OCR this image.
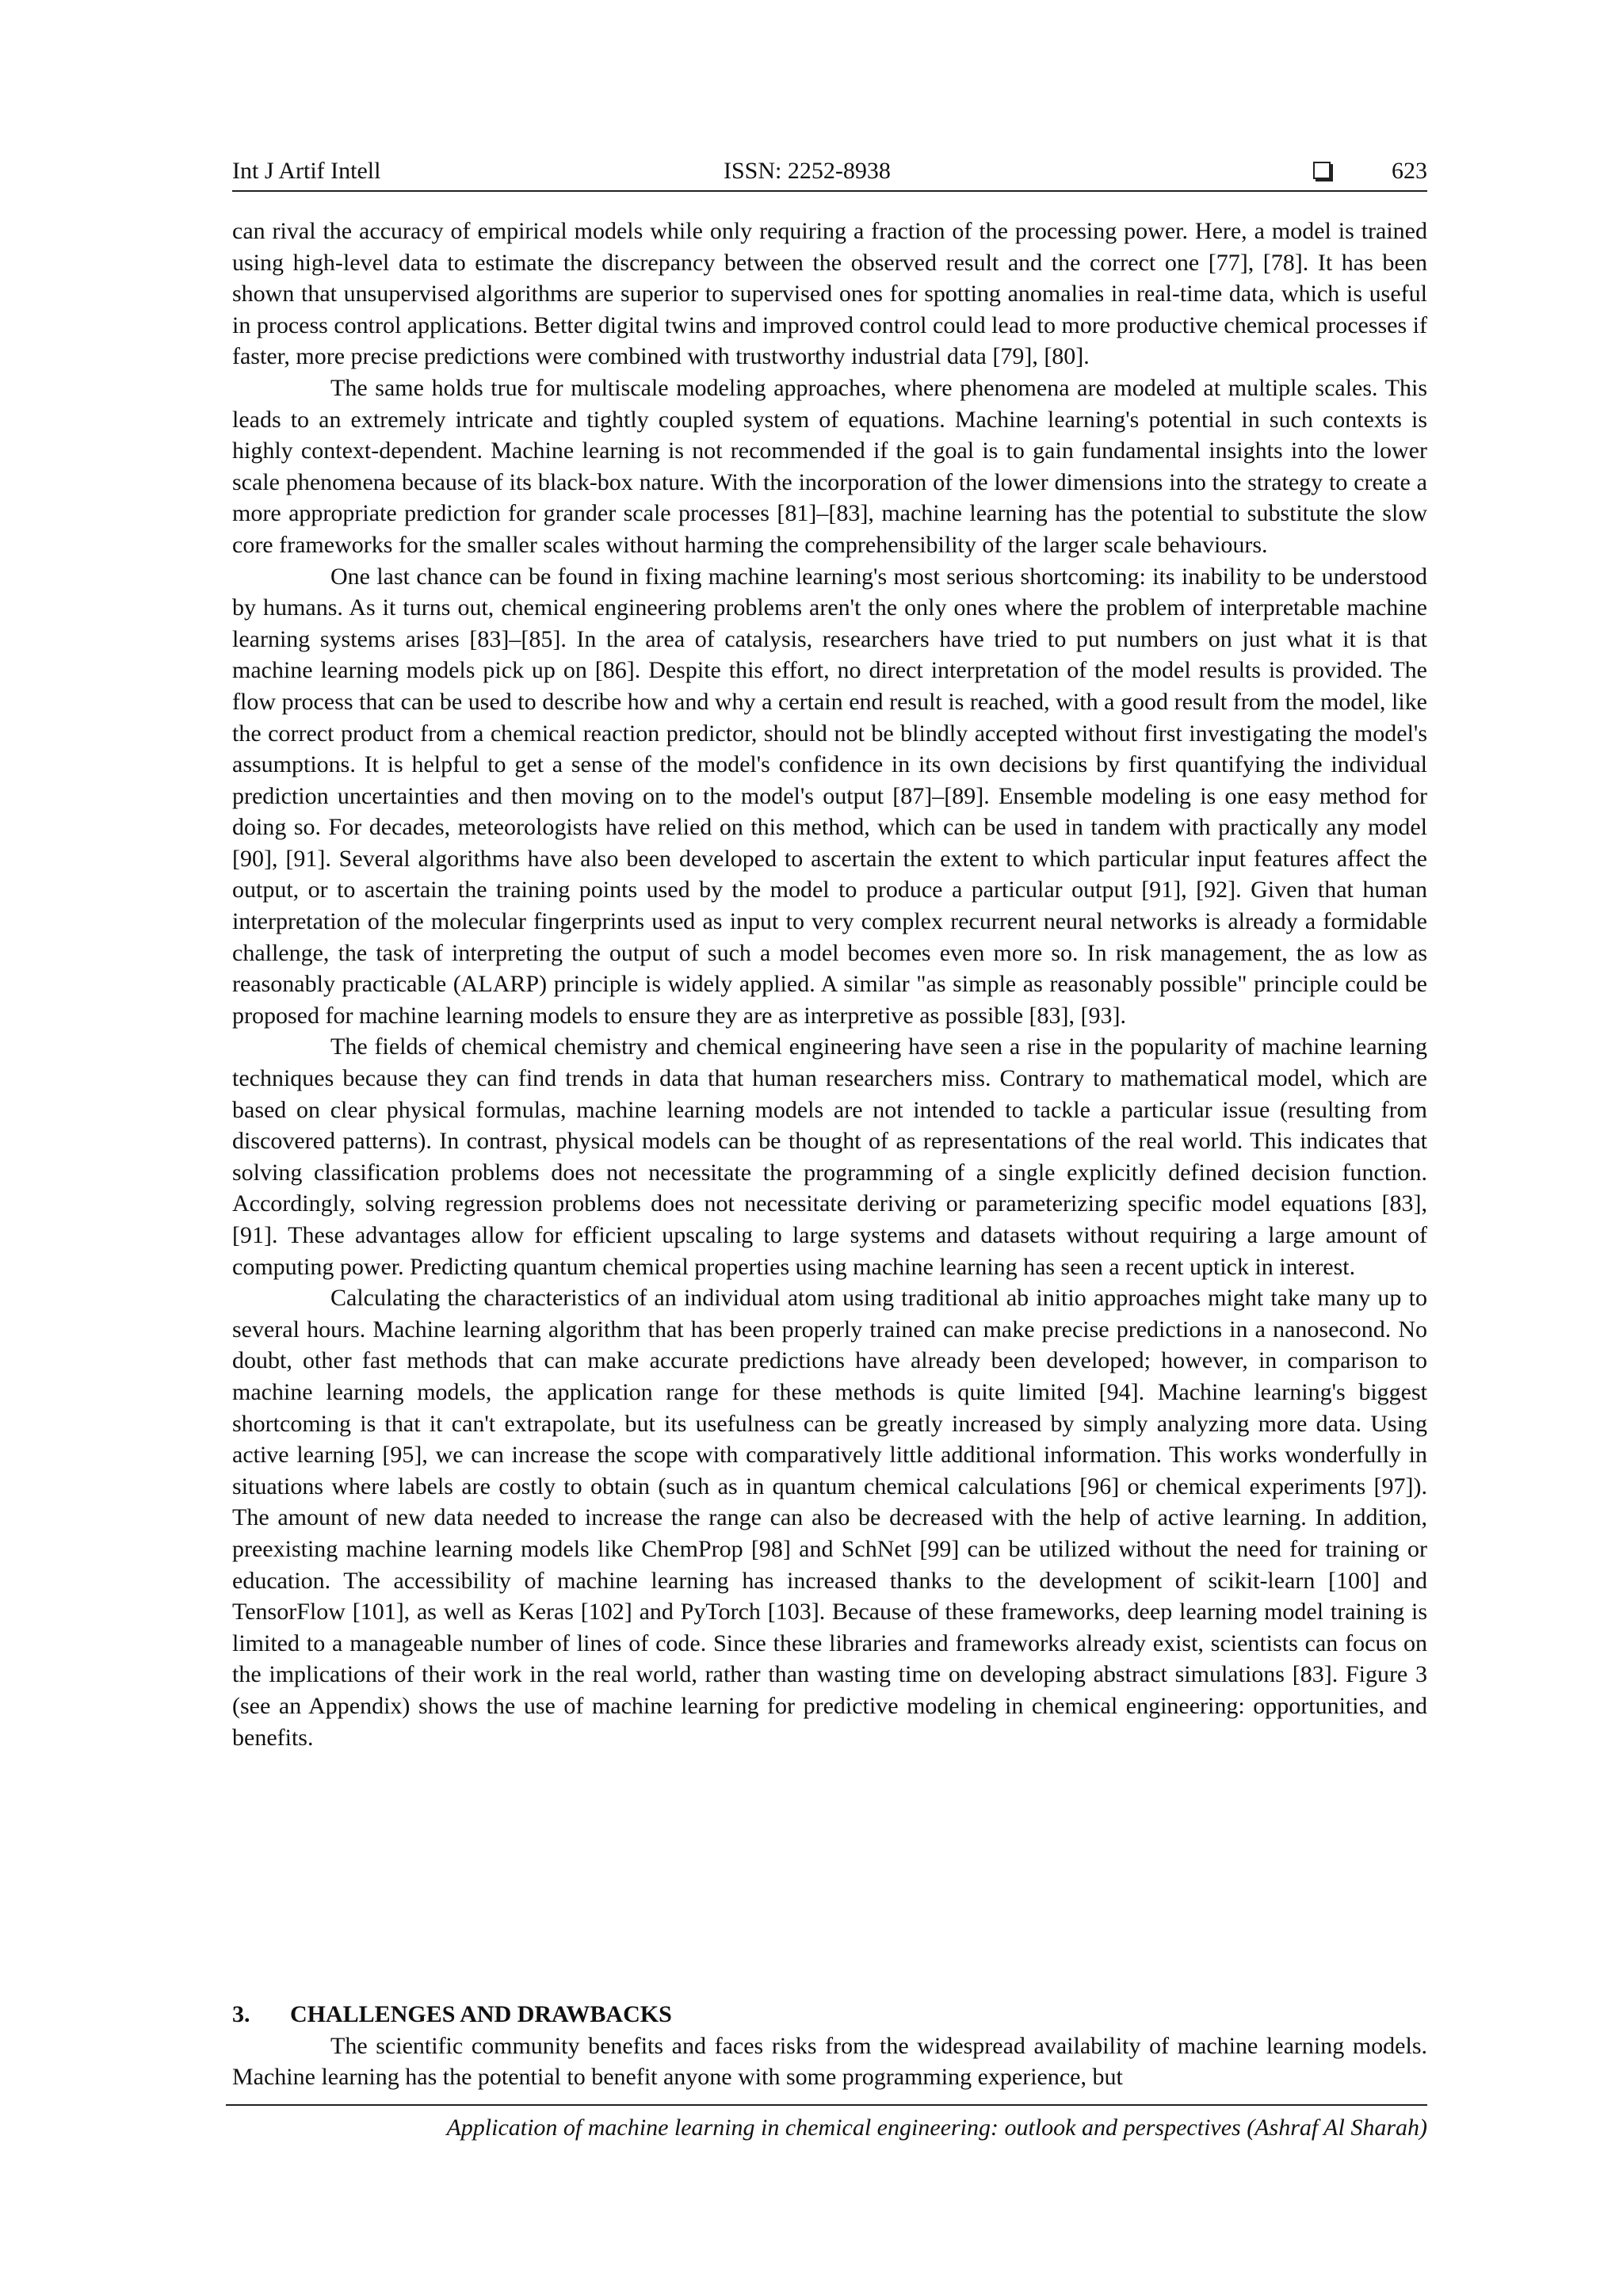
Int J Artif Intell	ISSN: 2252-8938	623

can rival the accuracy of empirical models while only requiring a fraction of the processing power. Here, a model is trained using high-level data to estimate the discrepancy between the observed result and the correct one [77], [78]. It has been shown that unsupervised algorithms are superior to supervised ones for spotting anomalies in real-time data, which is useful in process control applications. Better digital twins and improved control could lead to more productive chemical processes if faster, more precise predictions were combined with trustworthy industrial data [79], [80].

The same holds true for multiscale modeling approaches, where phenomena are modeled at multiple scales. This leads to an extremely intricate and tightly coupled system of equations. Machine learning's potential in such contexts is highly context-dependent. Machine learning is not recommended if the goal is to gain fundamental insights into the lower scale phenomena because of its black-box nature. With the incorporation of the lower dimensions into the strategy to create a more appropriate prediction for grander scale processes [81]–[83], machine learning has the potential to substitute the slow core frameworks for the smaller scales without harming the comprehensibility of the larger scale behaviours.

One last chance can be found in fixing machine learning's most serious shortcoming: its inability to be understood by humans. As it turns out, chemical engineering problems aren't the only ones where the problem of interpretable machine learning systems arises [83]–[85]. In the area of catalysis, researchers have tried to put numbers on just what it is that machine learning models pick up on [86]. Despite this effort, no direct interpretation of the model results is provided. The flow process that can be used to describe how and why a certain end result is reached, with a good result from the model, like the correct product from a chemical reaction predictor, should not be blindly accepted without first investigating the model's assumptions. It is helpful to get a sense of the model's confidence in its own decisions by first quantifying the individual prediction uncertainties and then moving on to the model's output [87]–[89]. Ensemble modeling is one easy method for doing so. For decades, meteorologists have relied on this method, which can be used in tandem with practically any model [90], [91]. Several algorithms have also been developed to ascertain the extent to which particular input features affect the output, or to ascertain the training points used by the model to produce a particular output [91], [92]. Given that human interpretation of the molecular fingerprints used as input to very complex recurrent neural networks is already a formidable challenge, the task of interpreting the output of such a model becomes even more so. In risk management, the as low as reasonably practicable (ALARP) principle is widely applied. A similar "as simple as reasonably possible" principle could be proposed for machine learning models to ensure they are as interpretive as possible [83], [93].

The fields of chemical chemistry and chemical engineering have seen a rise in the popularity of machine learning techniques because they can find trends in data that human researchers miss. Contrary to mathematical model, which are based on clear physical formulas, machine learning models are not intended to tackle a particular issue (resulting from discovered patterns). In contrast, physical models can be thought of as representations of the real world. This indicates that solving classification problems does not necessitate the programming of a single explicitly defined decision function. Accordingly, solving regression problems does not necessitate deriving or parameterizing specific model equations [83], [91]. These advantages allow for efficient upscaling to large systems and datasets without requiring a large amount of computing power. Predicting quantum chemical properties using machine learning has seen a recent uptick in interest.

Calculating the characteristics of an individual atom using traditional ab initio approaches might take many up to several hours. Machine learning algorithm that has been properly trained can make precise predictions in a nanosecond. No doubt, other fast methods that can make accurate predictions have already been developed; however, in comparison to machine learning models, the application range for these methods is quite limited [94]. Machine learning's biggest shortcoming is that it can't extrapolate, but its usefulness can be greatly increased by simply analyzing more data. Using active learning [95], we can increase the scope with comparatively little additional information. This works wonderfully in situations where labels are costly to obtain (such as in quantum chemical calculations [96] or chemical experiments [97]). The amount of new data needed to increase the range can also be decreased with the help of active learning. In addition, preexisting machine learning models like ChemProp [98] and SchNet [99] can be utilized without the need for training or education. The accessibility of machine learning has increased thanks to the development of scikit-learn [100] and TensorFlow [101], as well as Keras [102] and PyTorch [103]. Because of these frameworks, deep learning model training is limited to a manageable number of lines of code. Since these libraries and frameworks already exist, scientists can focus on the implications of their work in the real world, rather than wasting time on developing abstract simulations [83]. Figure 3 (see an Appendix) shows the use of machine learning for predictive modeling in chemical engineering: opportunities, and benefits.

3. CHALLENGES AND DRAWBACKS

The scientific community benefits and faces risks from the widespread availability of machine learning models. Machine learning has the potential to benefit anyone with some programming experience, but

Application of machine learning in chemical engineering: outlook and perspectives (Ashraf Al Sharah)
